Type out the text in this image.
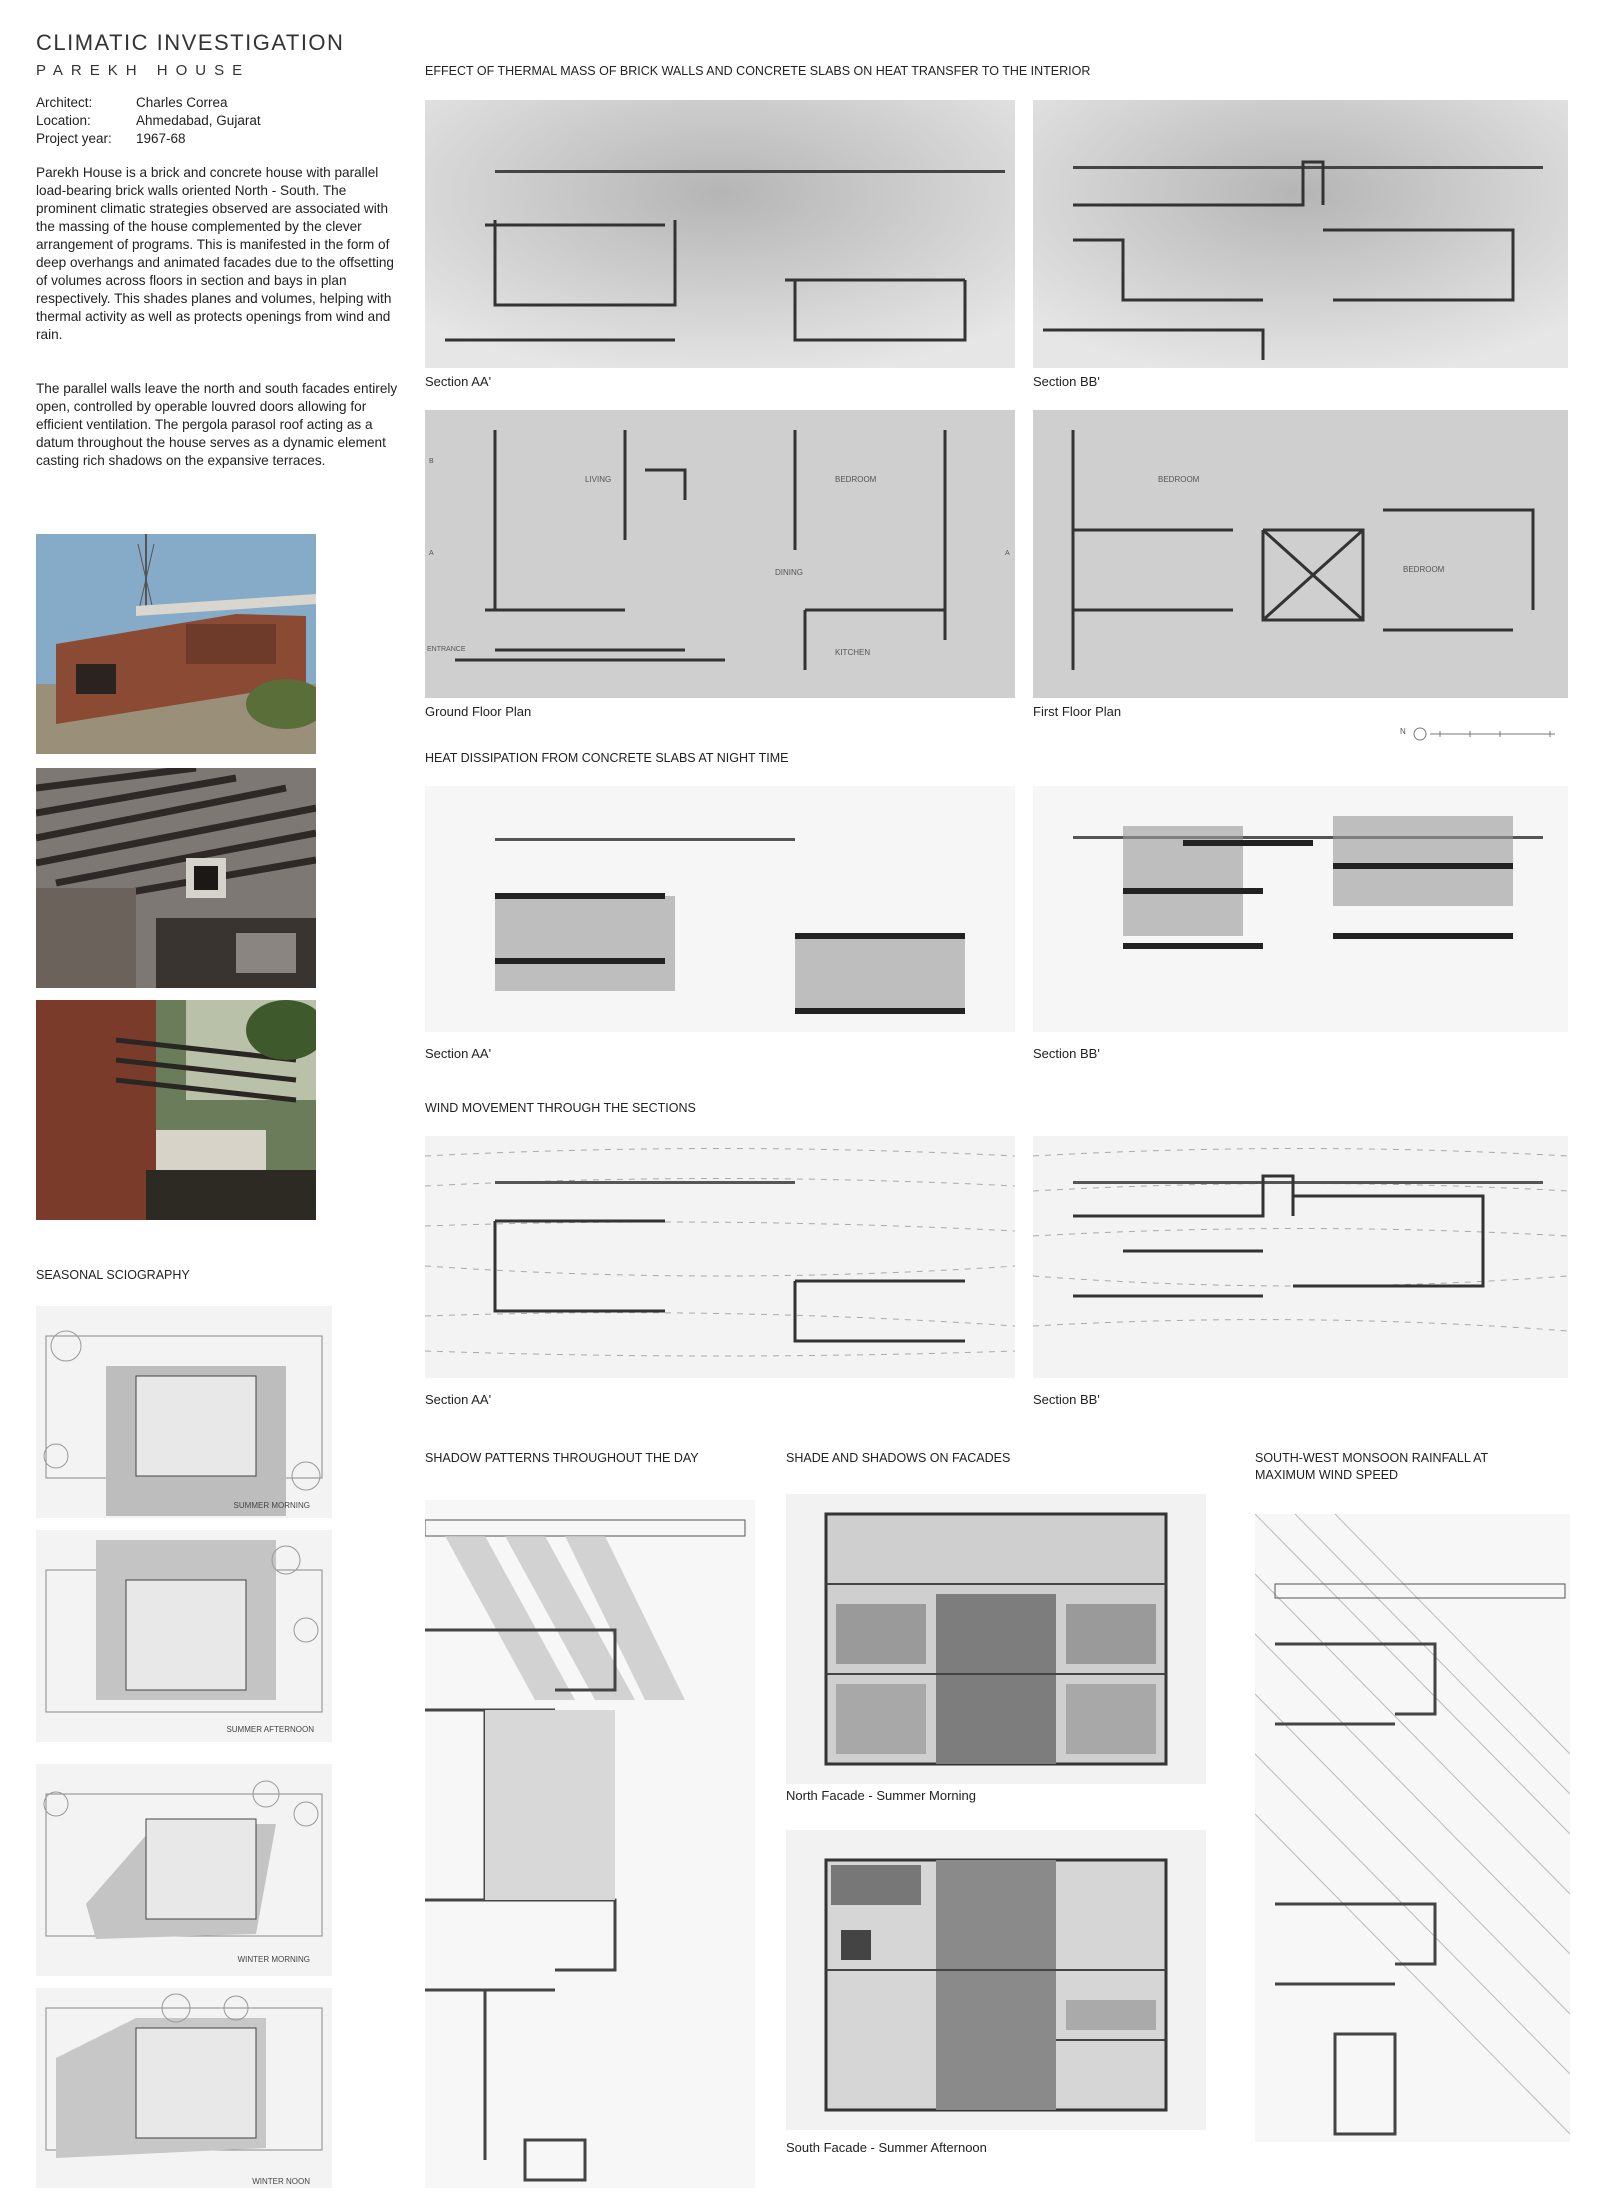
CLIMATIC INVESTIGATION
PAREKH HOUSE
Architect:	Charles Correa
Location:	Ahmedabad, Gujarat
Project year: 1967-68
Parekh House is a brick and concrete house with parallel load-bearing brick walls oriented North - South. The prominent climatic strategies observed are associated with the massing of the house complemented by the clever arrangement of programs. This is manifested in the form of deep overhangs and animated facades due to the offsetting of volumes across floors in section and bays in plan respectively. This shades planes and volumes, helping with thermal activity as well as protects openings from wind and rain.
The parallel walls leave the north and south facades entirely open, controlled by operable louvred doors allowing for efficient ventilation. The pergola parasol roof acting as a datum throughout the house serves as a dynamic element casting rich shadows on the expansive terraces.
EFFECT OF THERMAL MASS OF BRICK WALLS AND CONCRETE SLABS ON HEAT TRANSFER TO THE INTERIOR
Section AA'	Section BB'
LIVING	BEDROOM
DINING
KITCHEN
ENTRANCE
B
A	A
BEDROOM
BEDROOM
Ground Floor Plan	First Floor Plan
N
HEAT DISSIPATION FROM CONCRETE SLABS AT NIGHT TIME
Section AA'	Section BB'
WIND MOVEMENT THROUGH THE SECTIONS
Section AA'	Section BB'
SEASONAL SCIOGRAPHY
SUMMER MORNING
SUMMER AFTERNOON
WINTER MORNING
WINTER NOON
SHADOW PATTERNS THROUGHOUT THE DAY	SHADE AND SHADOWS ON FACADES
North Facade - Summer Morning
South Facade - Summer Afternoon
SOUTH-WEST MONSOON RAINFALL AT
MAXIMUM WIND SPEED
